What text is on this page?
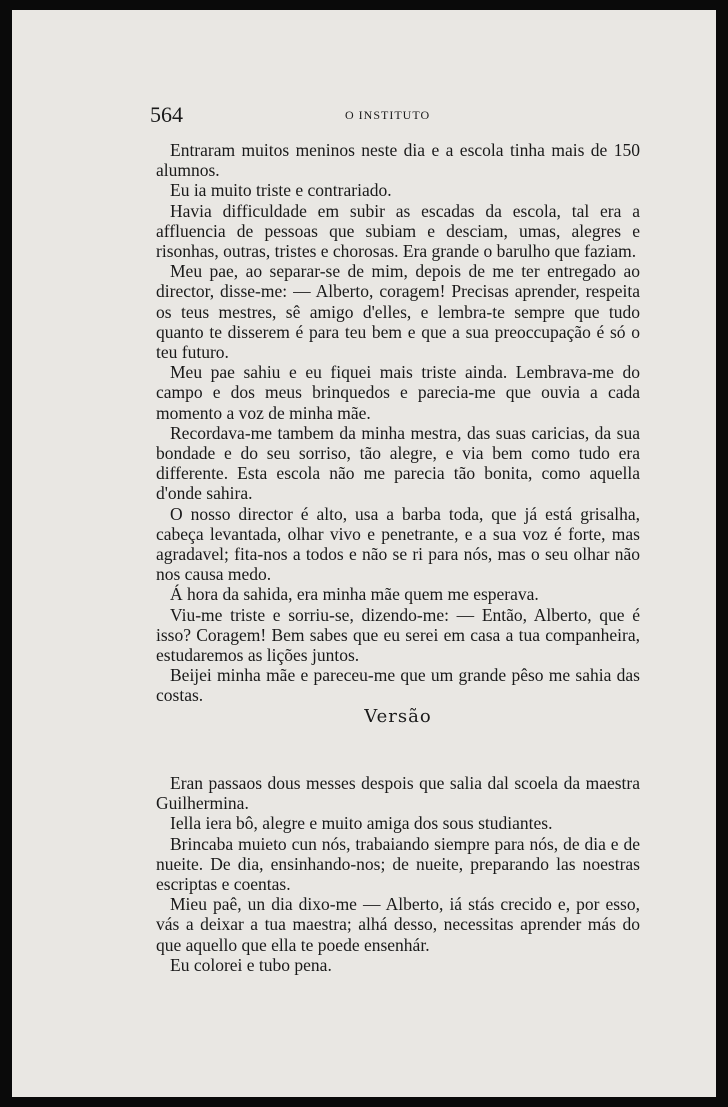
564	O INSTITUTO

Entraram muitos meninos neste dia e a escola tinha mais de 150 alumnos.

Eu ia muito triste e contrariado.

Havia difficuldade em subir as escadas da escola, tal era a affluencia de pessoas que subiam e desciam, umas, alegres e risonhas, outras, tristes e chorosas. Era grande o barulho que faziam.

Meu pae, ao separar-se de mim, depois de me ter entregado ao director, disse-me: — Alberto, coragem! Precisas aprender, respeita os teus mestres, sê amigo d'elles, e lembra-te sempre que tudo quanto te disserem é para teu bem e que a sua preoccupação é só o teu futuro.

Meu pae sahiu e eu fiquei mais triste ainda. Lembrava-me do campo e dos meus brinquedos e parecia-me que ouvia a cada momento a voz de minha mãe.

Recordava-me tambem da minha mestra, das suas caricias, da sua bondade e do seu sorriso, tão alegre, e via bem como tudo era differente. Esta escola não me parecia tão bonita, como aquella d'onde sahira.

O nosso director é alto, usa a barba toda, que já está grisalha, cabeça levantada, olhar vivo e penetrante, e a sua voz é forte, mas agradavel; fita-nos a todos e não se ri para nós, mas o seu olhar não nos causa medo.

Á hora da sahida, era minha mãe quem me esperava.

Viu-me triste e sorriu-se, dizendo-me: — Então, Alberto, que é isso? Coragem! Bem sabes que eu serei em casa a tua companheira, estudaremos as lições juntos.

Beijei minha mãe e pareceu-me que um grande pêso me sahia das costas.

Versão

Eran passaos dous messes despois que salia dal scoela da maestra Guilhermina.

Iella iera bô, alegre e muito amiga dos sous studiantes.

Brincaba muieto cun nós, trabaiando siempre para nós, de dia e de nueite. De dia, ensinhando-nos; de nueite, preparando las noestras escriptas e coentas.

Mieu paê, un dia dixo-me — Alberto, iá stás crecido e, por esso, vás a deixar a tua maestra; alhá desso, necessitas aprender más do que aquello que ella te poede ensenhár.

Eu colorei e tubo pena.
